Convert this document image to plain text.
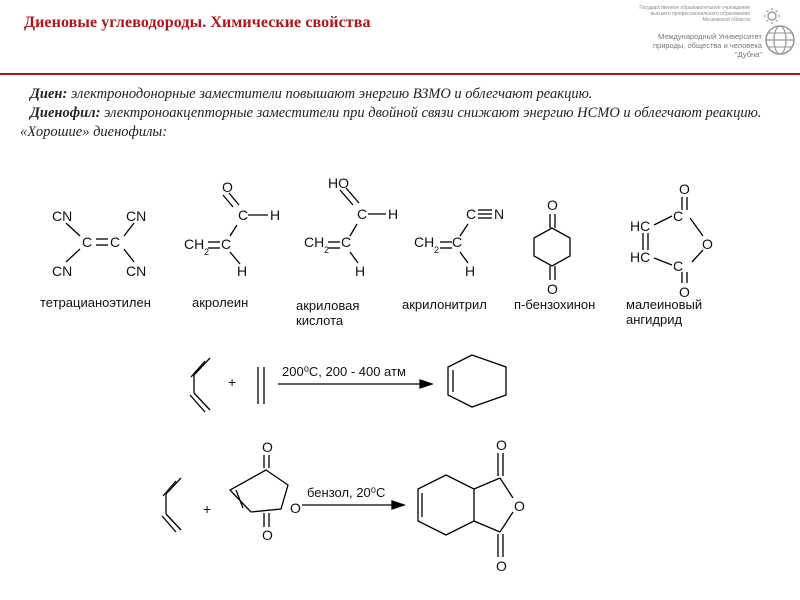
Диеновые углеводороды. Химические свойства
Государственное образовательное учреждение высшего профессионального образования Московской области
Международный Университет природы, общества и человека "Дубна"

Диен: электронодонорные заместители повышают энергию ВЗМО и облегчают реакцию.

Диенофил: электроноакцепторные заместители при двойной связи снижают энергию НСМО и облегчают реакцию.

«Хорошие» диенофилы:

CN	CN
C C
CN	CN
O
C H
CH 2 C
H
HO
C H
CH 2 C
H
C N
CH 2 C
H
O
O
O
C
HC
O
HC
C
O
+
200⁰С, 200 - 400 атм
+
O
O
O
O
O
O
бензол, 20⁰С
тетрацианоэтилен	акролеин	акриловая кислота
акрилонитрил п-бензохинон малеиновый ангидрид
